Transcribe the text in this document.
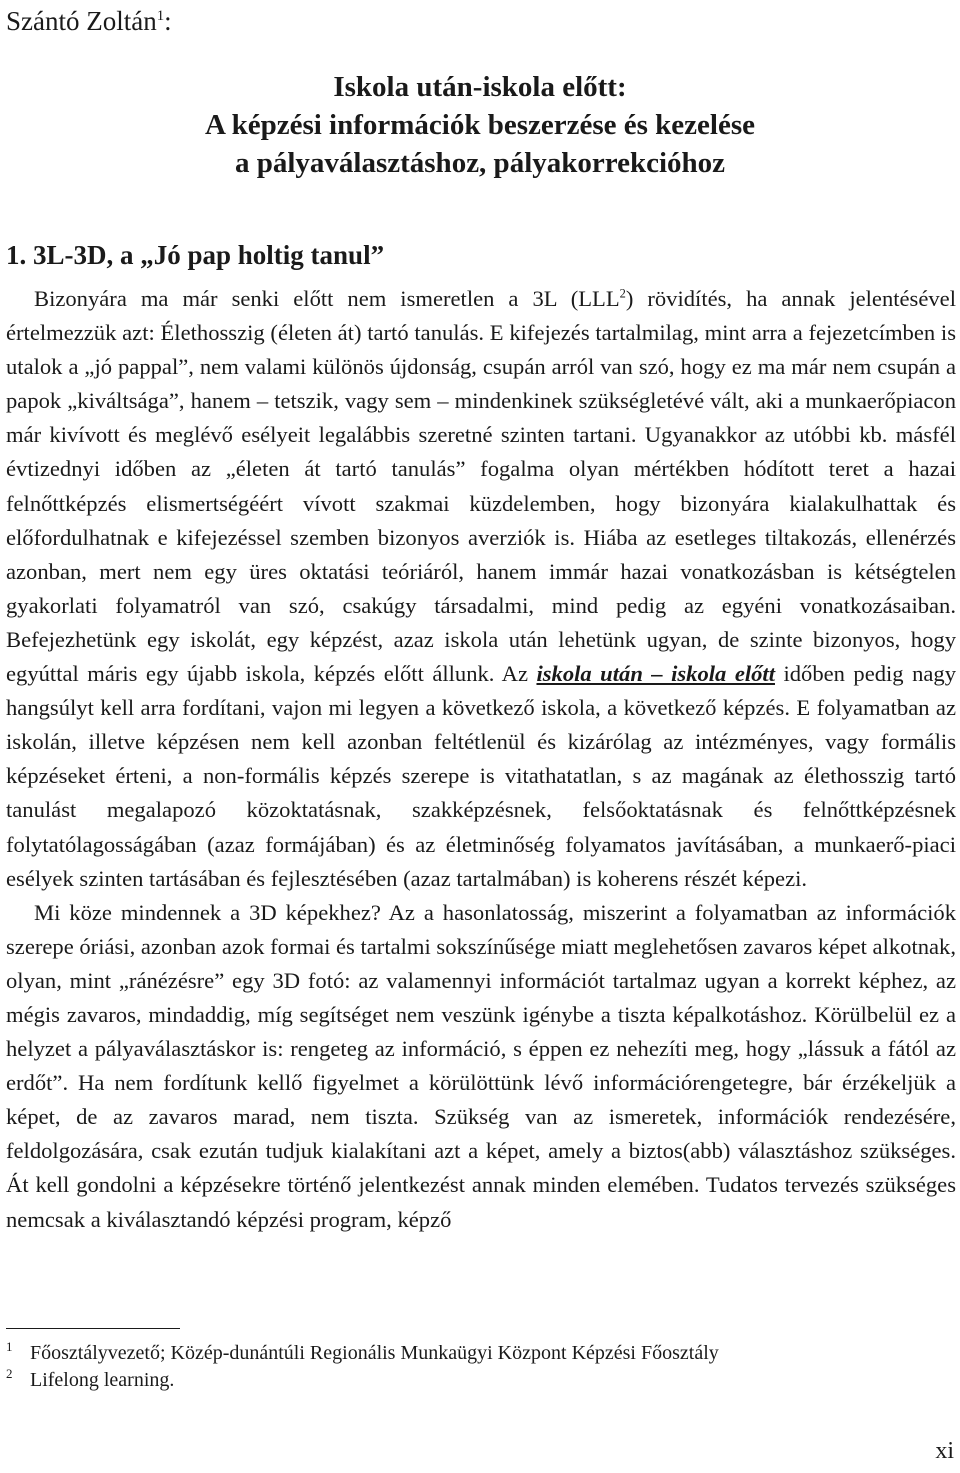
Szántó Zoltán$^1$:
Iskola után-iskola előtt:
A képzési információk beszerzése és kezelése
a pályaválasztáshoz, pályakorrekcióhoz
1. 3L-3D, a „Jó pap holtig tanul”

Bizonyára ma már senki előtt nem ismeretlen a 3L (LLL$^2$) rövidítés, ha annak jelentésével értelmezzük azt: Élethosszig (életen át) tartó tanulás. E kifejezés tartalmilag, mint arra a fejezetcímben is utalok a „jó pappal”, nem valami különös újdonság, csupán arról van szó, hogy ez ma már nem csupán a papok „kiváltsága”, hanem – tetszik, vagy sem – mindenkinek szükségletévé vált, aki a munkaerőpiacon már kivívott és meglévő esélyeit legalábbis szeretné szinten tartani. Ugyanakkor az utóbbi kb. másfél évtizednyi időben az „életen át tartó tanulás” fogalma olyan mértékben hódított teret a hazai felnőttképzés elismertségéért vívott szakmai küzdelemben, hogy bizonyára kialakulhattak és előfordulhatnak e kifejezéssel szemben bizonyos averziók is. Hiába az esetleges tiltakozás, ellenérzés azonban, mert nem egy üres oktatási teóriáról, hanem immár hazai vonatkozásban is kétségtelen gyakorlati folyamatról van szó, csakúgy társadalmi, mind pedig az egyéni vonatkozásaiban. Befejezhetünk egy iskolát, egy képzést, azaz iskola után lehetünk ugyan, de szinte bizonyos, hogy egyúttal máris egy újabb iskola, képzés előtt állunk. Az iskola után – iskola előtt időben pedig nagy hangsúlyt kell arra fordítani, vajon mi legyen a következő iskola, a következő képzés. E folyamatban az iskolán, illetve képzésen nem kell azonban feltétlenül és kizárólag az intézményes, vagy formális képzéseket érteni, a non-formális képzés szerepe is vitathatatlan, s az magának az élethosszig tartó tanulást megalapozó közoktatásnak, szakképzésnek, felsőoktatásnak és felnőttképzésnek folytatólagosságában (azaz formájában) és az életminőség folyamatos javításában, a munkaerő-piaci esélyek szinten tartásában és fejlesztésében (azaz tartalmában) is koherens részét képezi.

Mi köze mindennek a 3D képekhez? Az a hasonlatosság, miszerint a folyamatban az információk szerepe óriási, azonban azok formai és tartalmi sokszínűsége miatt meglehetősen zavaros képet alkotnak, olyan, mint „ránézésre” egy 3D fotó: az valamennyi információt tartalmaz ugyan a korrekt képhez, az mégis zavaros, mindaddig, míg segítséget nem veszünk igénybe a tiszta képalkotáshoz. Körülbelül ez a helyzet a pályaválasztáskor is: rengeteg az információ, s éppen ez nehezíti meg, hogy „lássuk a fától az erdőt”. Ha nem fordítunk kellő figyelmet a körülöttünk lévő információrengetegre, bár érzékeljük a képet, de az zavaros marad, nem tiszta. Szükség van az ismeretek, információk rendezésére, feldolgozására, csak ezután tudjuk kialakítani azt a képet, amely a biztos(abb) választáshoz szükséges. Át kell gondolni a képzésekre történő jelentkezést annak minden elemében. Tudatos tervezés szükséges nemcsak a kiválasztandó képzési program, képző

1 Főosztályvezető; Közép-dunántúli Regionális Munkaügyi Központ Képzési Főosztály
2 Lifelong learning.
xi
